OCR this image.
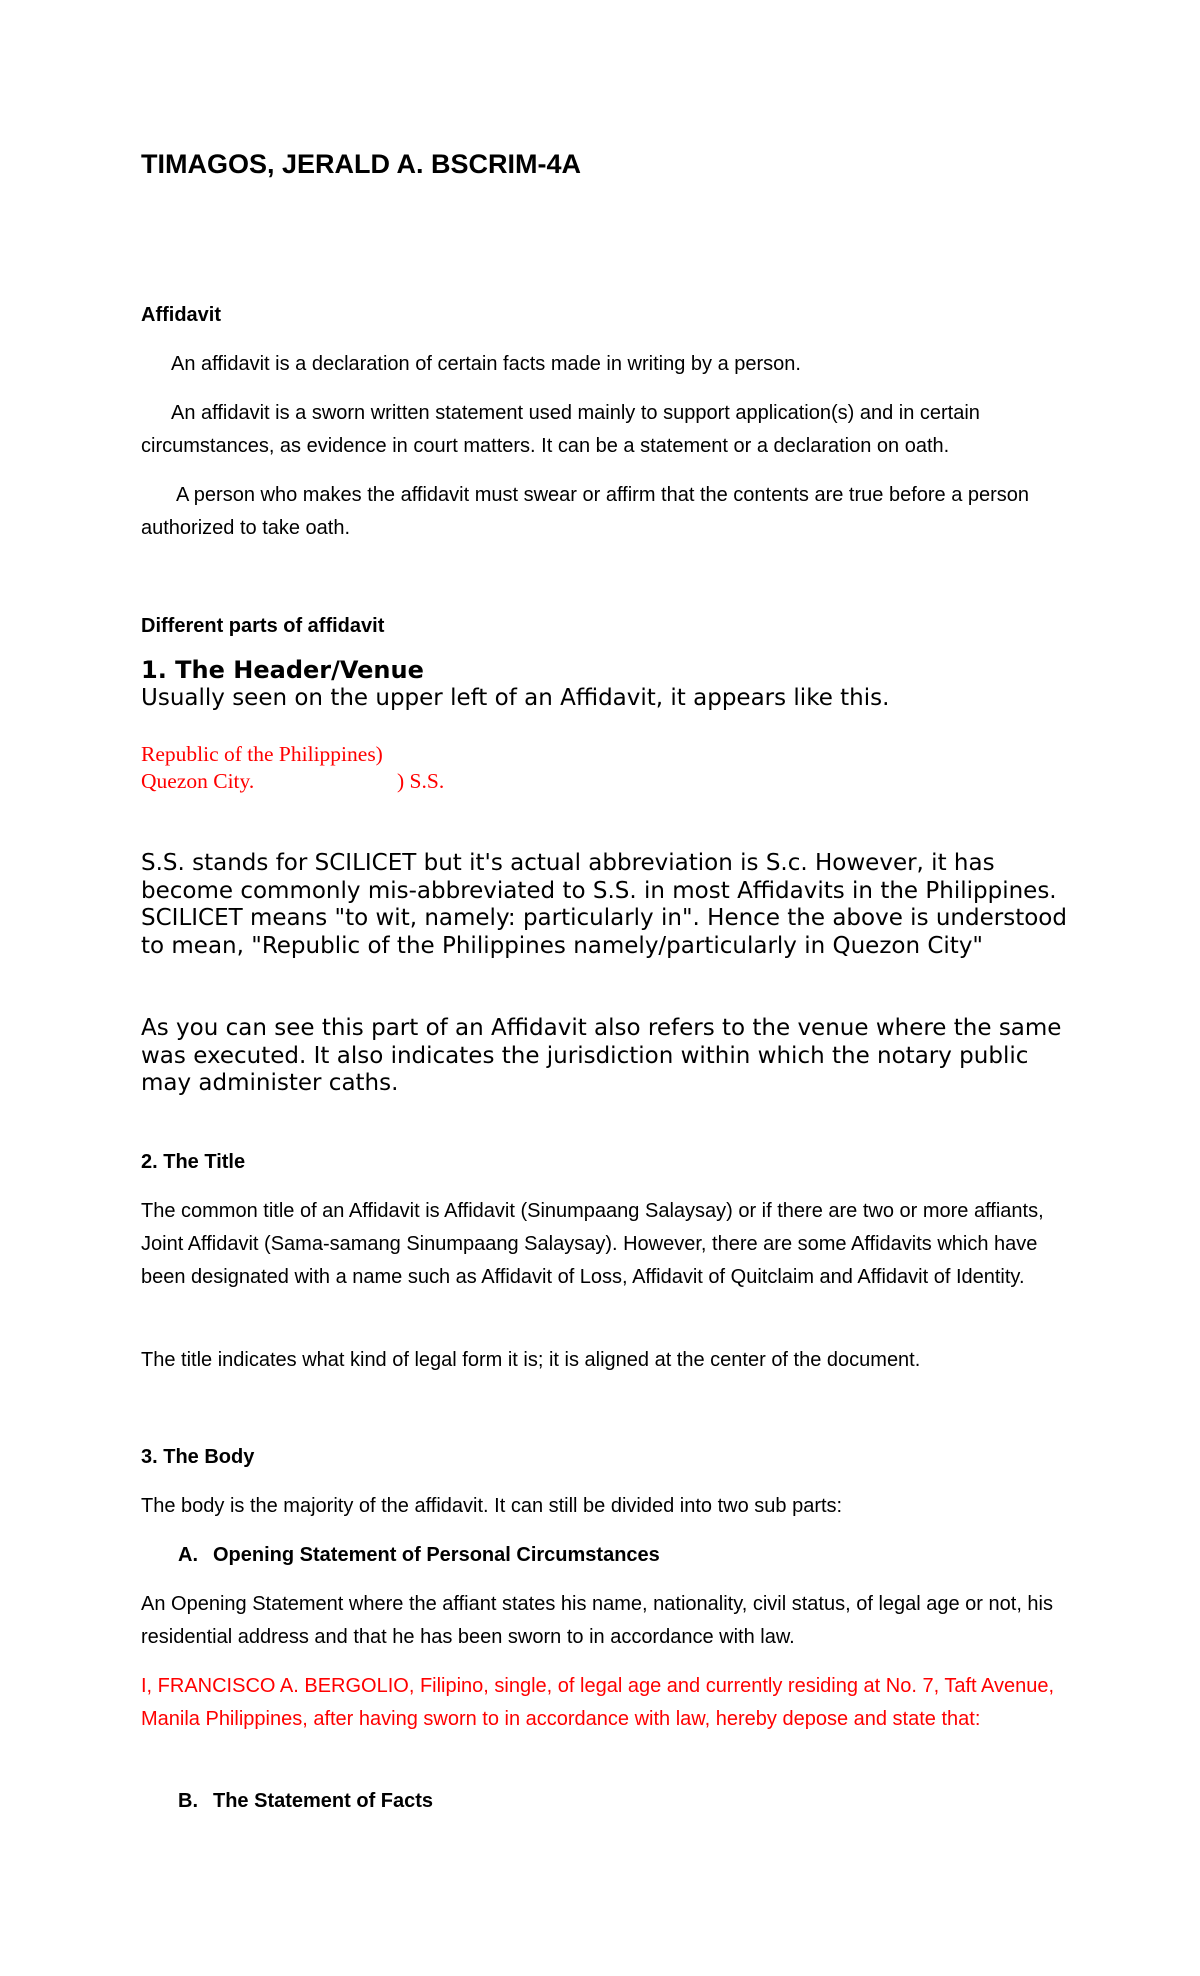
TIMAGOS, JERALD A. BSCRIM-4A
Affidavit

An affidavit is a declaration of certain facts made in writing by a person.

An affidavit is a sworn written statement used mainly to support application(s) and in certain circumstances, as evidence in court matters. It can be a statement or a declaration on oath.

A person who makes the affidavit must swear or affirm that the contents are true before a person authorized to take oath.

Different parts of affidavit
1. The Header/Venue

Usually seen on the upper left of an Affidavit, it appears like this.

Republic of the Philippines)
Quezon City.	) S.S.

S.S. stands for SCILICET but it's actual abbreviation is S.c. However, it has become commonly mis-abbreviated to S.S. in most Affidavits in the Philippines. SCILICET means "to wit, namely: particularly in". Hence the above is understood to mean, "Republic of the Philippines namely/particularly in Quezon City"

As you can see this part of an Affidavit also refers to the venue where the same was executed. It also indicates the jurisdiction within which the notary public may administer caths.

2. The Title

The common title of an Affidavit is Affidavit (Sinumpaang Salaysay) or if there are two or more affiants, Joint Affidavit (Sama-samang Sinumpaang Salaysay). However, there are some Affidavits which have been designated with a name such as Affidavit of Loss, Affidavit of Quitclaim and Affidavit of Identity.

The title indicates what kind of legal form it is; it is aligned at the center of the document.

3. The Body

The body is the majority of the affidavit. It can still be divided into two sub parts:

A. Opening Statement of Personal Circumstances

An Opening Statement where the affiant states his name, nationality, civil status, of legal age or not, his residential address and that he has been sworn to in accordance with law.

I, FRANCISCO A. BERGOLIO, Filipino, single, of legal age and currently residing at No. 7, Taft Avenue, Manila Philippines, after having sworn to in accordance with law, hereby depose and state that:

B. The Statement of Facts
